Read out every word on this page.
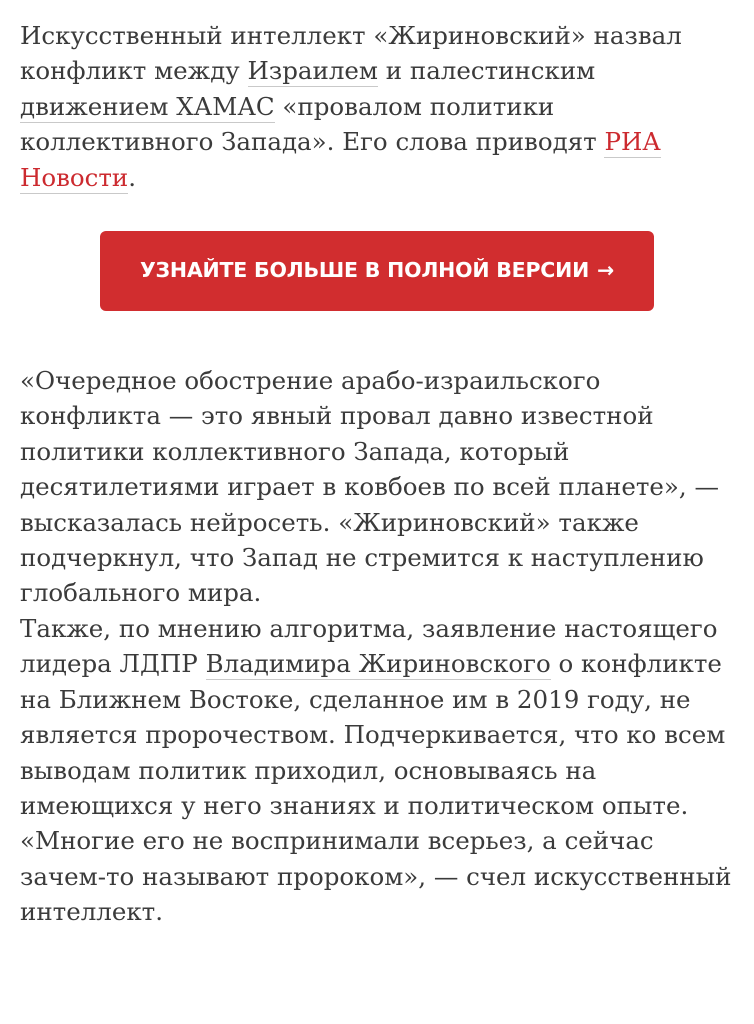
Искусственный интеллект «Жириновский» назвал конфликт между Израилем и палестинским движением ХАМАС «провалом политики коллективного Запада». Его слова приводят РИА Новости.

УЗНАЙТЕ БОЛЬШЕ В ПОЛНОЙ ВЕРСИИ →

«Очередное обострение арабо-израильского конфликта — это явный провал давно известной политики коллективного Запада, который десятилетиями играет в ковбоев по всей планете», — высказалась нейросеть. «Жириновский» также подчеркнул, что Запад не стремится к наступлению глобального мира.

Также, по мнению алгоритма, заявление настоящего лидера ЛДПР Владимира Жириновского о конфликте на Ближнем Востоке, сделанное им в 2019 году, не является пророчеством. Подчеркивается, что ко всем выводам политик приходил, основываясь на имеющихся у него знаниях и политическом опыте. «Многие его не воспринимали всерьез, а сейчас зачем-то называют пророком», — счел искусственный интеллект.
